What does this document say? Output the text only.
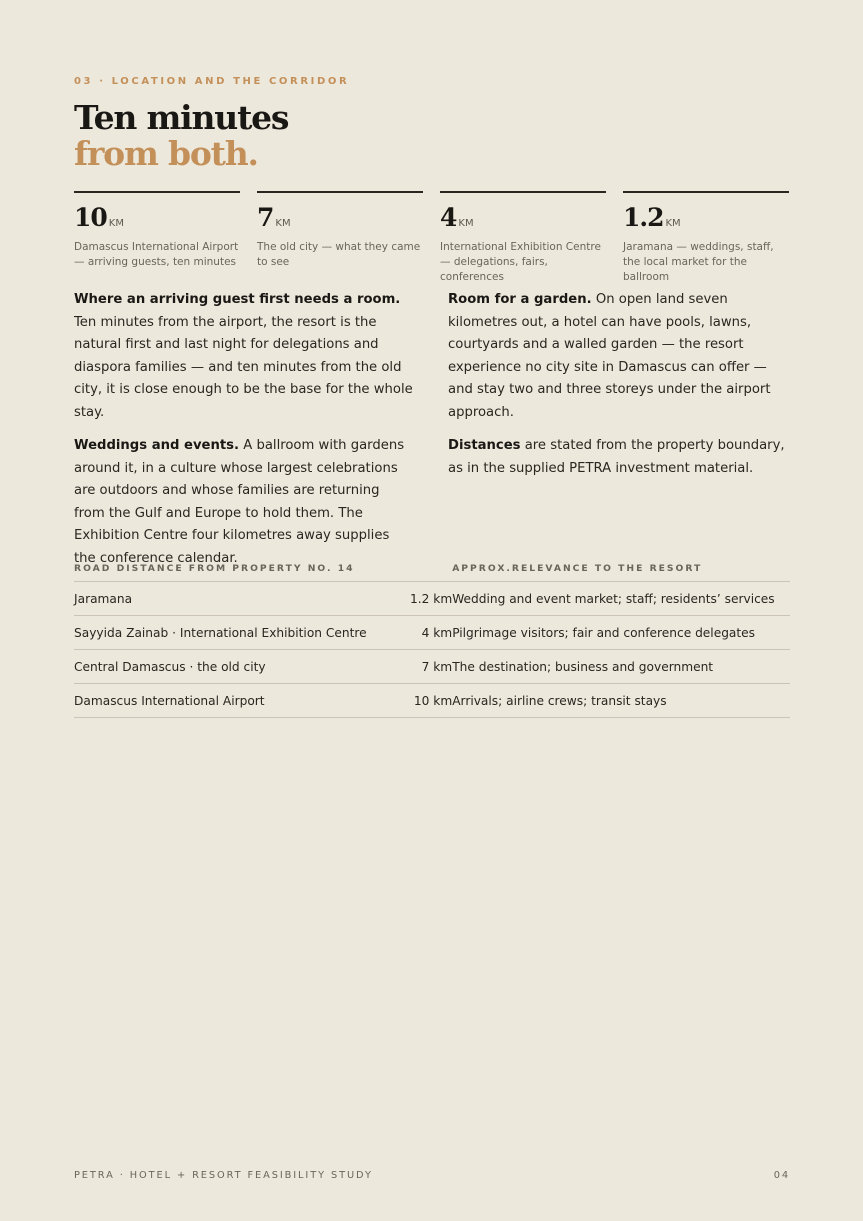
03 · LOCATION AND THE CORRIDOR
Ten minutes
from both.
10 KM
Damascus International Airport — arriving guests, ten minutes
7 KM
The old city — what they came to see
4 KM
International Exhibition Centre — delegations, fairs, conferences
1.2 KM
Jaramana — weddings, staff, the local market for the ballroom

Where an arriving guest first needs a room. Ten minutes from the airport, the resort is the natural first and last night for delegations and diaspora families — and ten minutes from the old city, it is close enough to be the base for the whole stay.

Weddings and events. A ballroom with gardens around it, in a culture whose largest celebrations are outdoors and whose families are returning from the Gulf and Europe to hold them. The Exhibition Centre four kilometres away supplies the conference calendar.

Room for a garden. On open land seven kilometres out, a hotel can have pools, lawns, courtyards and a walled garden — the resort experience no city site in Damascus can offer — and stay two and three storeys under the airport approach.

Distances are stated from the property boundary, as in the supplied PETRA investment material.

ROAD DISTANCE FROM PROPERTY NO. 14		APPROX.RELEVANCE TO THE RESORT
Jaramana	1.2 km	Wedding and event market; staff; residents’ services
Sayyida Zainab · International Exhibition Centre	4 km	Pilgrimage visitors; fair and conference delegates
Central Damascus · the old city	7 km	The destination; business and government
Damascus International Airport	10 km	Arrivals; airline crews; transit stays
PETRA · HOTEL + RESORT FEASIBILITY STUDY	04
